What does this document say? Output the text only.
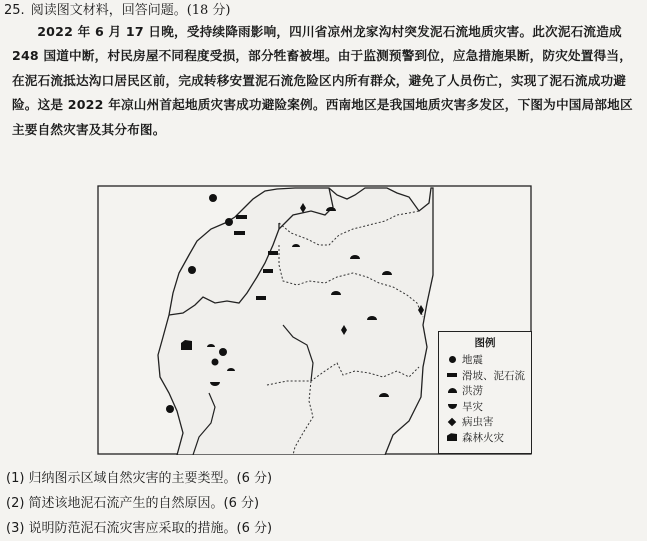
25. 阅读图文材料，回答问题。(18 分)

2022 年 6 月 17 日晚，受持续降雨影响，四川省凉州龙家沟村突发泥石流地质灾害。此次泥石流造成 248 国道中断，村民房屋不同程度受损，部分牲畜被埋。由于监测预警到位，应急措施果断，防灾处置得当，在泥石流抵达沟口居民区前，完成转移安置泥石流危险区内所有群众，避免了人员伤亡，实现了泥石流成功避险。这是 2022 年凉山州首起地质灾害成功避险案例。西南地区是我国地质灾害多发区，下图为中国局部地区主要自然灾害及其分布图。

图例
地震
滑坡、泥石流
洪涝
旱灾
病虫害
森林火灾
(1) 归纳图示区域自然灾害的主要类型。(6 分)
(2) 简述该地泥石流产生的自然原因。(6 分)
(3) 说明防范泥石流灾害应采取的措施。(6 分)
